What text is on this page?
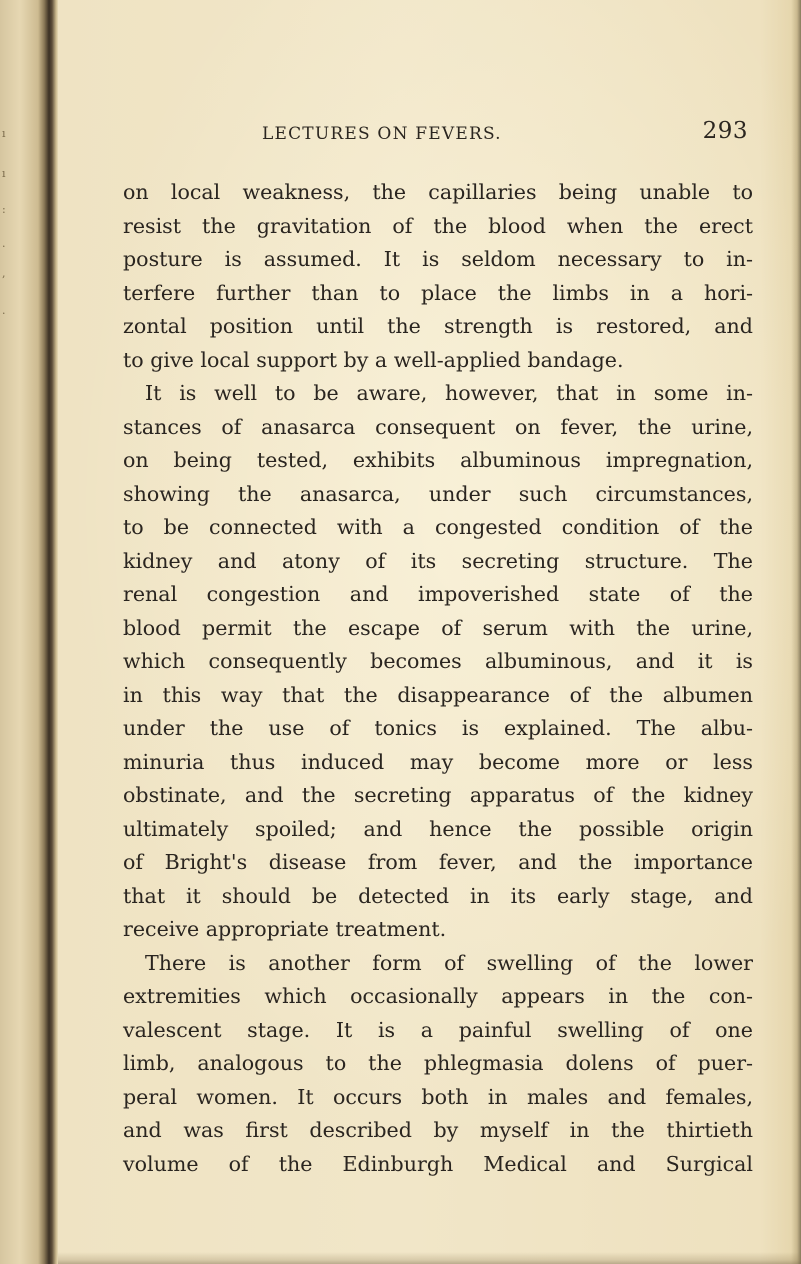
ı
ı
:
.
,
·
LECTURES ON FEVERS.	293
on local weakness, the capillaries being unable to
resist the gravitation of the blood when the erect
posture is assumed. It is seldom necessary to in-
terfere further than to place the limbs in a hori-
zontal position until the strength is restored, and
to give local support by a well-applied bandage.
It is well to be aware, however, that in some in-
stances of anasarca consequent on fever, the urine,
on being tested, exhibits albuminous impregnation,
showing the anasarca, under such circumstances,
to be connected with a congested condition of the
kidney and atony of its secreting structure. The
renal congestion and impoverished state of the
blood permit the escape of serum with the urine,
which consequently becomes albuminous, and it is
in this way that the disappearance of the albumen
under the use of tonics is explained. The albu-
minuria thus induced may become more or less
obstinate, and the secreting apparatus of the kidney
ultimately spoiled; and hence the possible origin
of Bright's disease from fever, and the importance
that it should be detected in its early stage, and
receive appropriate treatment.
There is another form of swelling of the lower
extremities which occasionally appears in the con-
valescent stage. It is a painful swelling of one
limb, analogous to the phlegmasia dolens of puer-
peral women. It occurs both in males and females,
and was first described by myself in the thirtieth
volume of the Edinburgh Medical and Surgical
